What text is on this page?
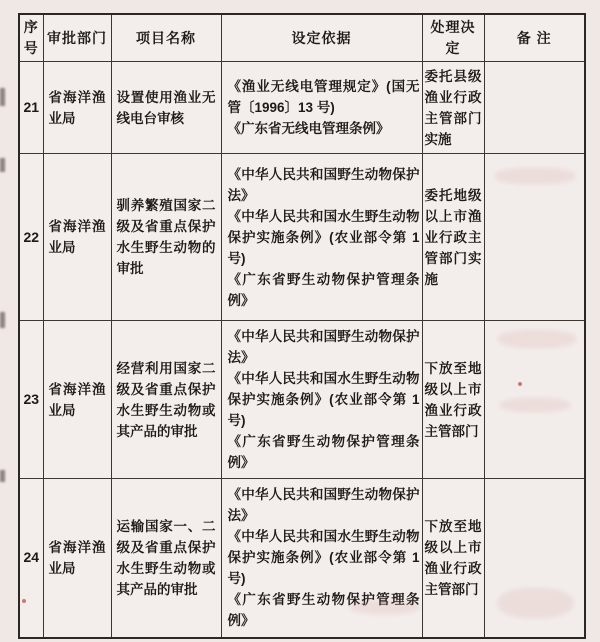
序号	审批部门	项目名称	设定依据	处理决定	备 注
21	省海洋渔业局	设置使用渔业无线电台审核	《渔业无线电管理规定》(国无管〔1996〕13 号)

《广东省无线电管理条例》	委托县级渔业行政主管部门实施	
22	省海洋渔业局	驯养繁殖国家二级及省重点保护水生野生动物的审批	《中华人民共和国野生动物保护法》

《中华人民共和国水生野生动物保护实施条例》(农业部令第 1 号)

《广东省野生动物保护管理条例》	委托地级以上市渔业行政主管部门实施	
23	省海洋渔业局	经营利用国家二级及省重点保护水生野生动物或其产品的审批	《中华人民共和国野生动物保护法》

《中华人民共和国水生野生动物保护实施条例》(农业部令第 1 号)

《广东省野生动物保护管理条例》	下放至地级以上市渔业行政主管部门	
24	省海洋渔业局	运输国家一、二级及省重点保护水生野生动物或其产品的审批	《中华人民共和国野生动物保护法》

《中华人民共和国水生野生动物保护实施条例》(农业部令第 1 号)

《广东省野生动物保护管理条例》	下放至地级以上市渔业行政主管部门	
